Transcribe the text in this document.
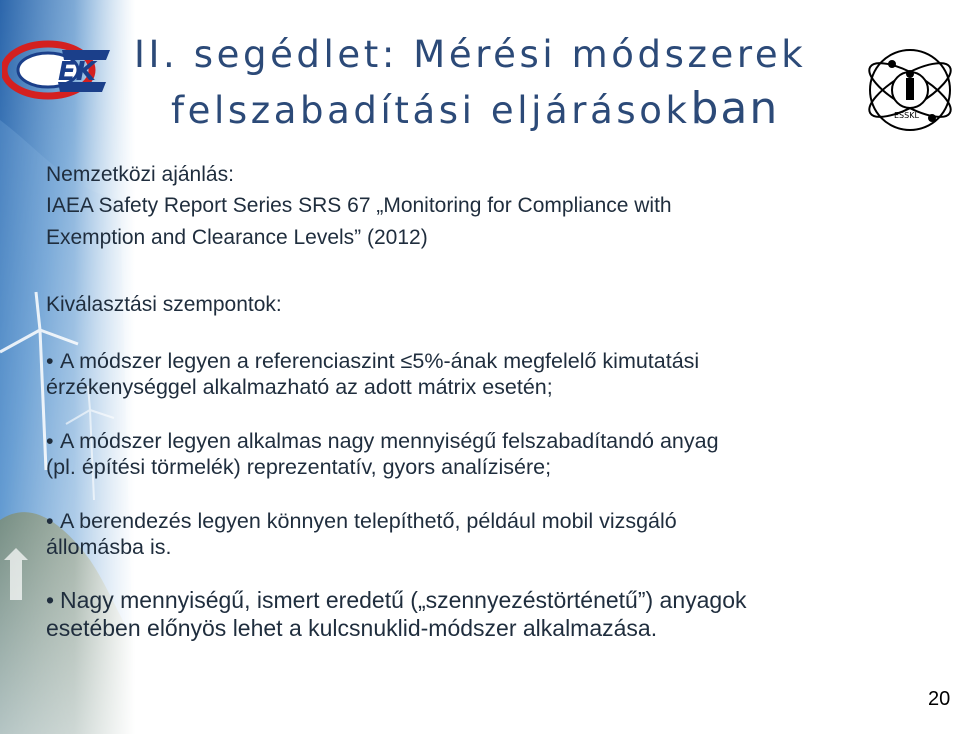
EK
ESSKL
II. segédlet: Mérési módszerek
felszabadítási eljárásokban
Nemzetközi ajánlás:
IAEA Safety Report Series SRS 67 „Monitoring for Compliance with
Exemption and Clearance Levels” (2012)
Kiválasztási szempontok:
• A módszer legyen a referenciaszint ≤5%-ának megfelelő kimutatási
érzékenységgel alkalmazható az adott mátrix esetén;
• A módszer legyen alkalmas nagy mennyiségű felszabadítandó anyag
(pl. építési törmelék) reprezentatív, gyors analízisére;
• A berendezés legyen könnyen telepíthető, például mobil vizsgáló
állomásba is.
• Nagy mennyiségű, ismert eredetű („szennyezéstörténetű”) anyagok
esetében előnyös lehet a kulcsnuklid-módszer alkalmazása.
20
